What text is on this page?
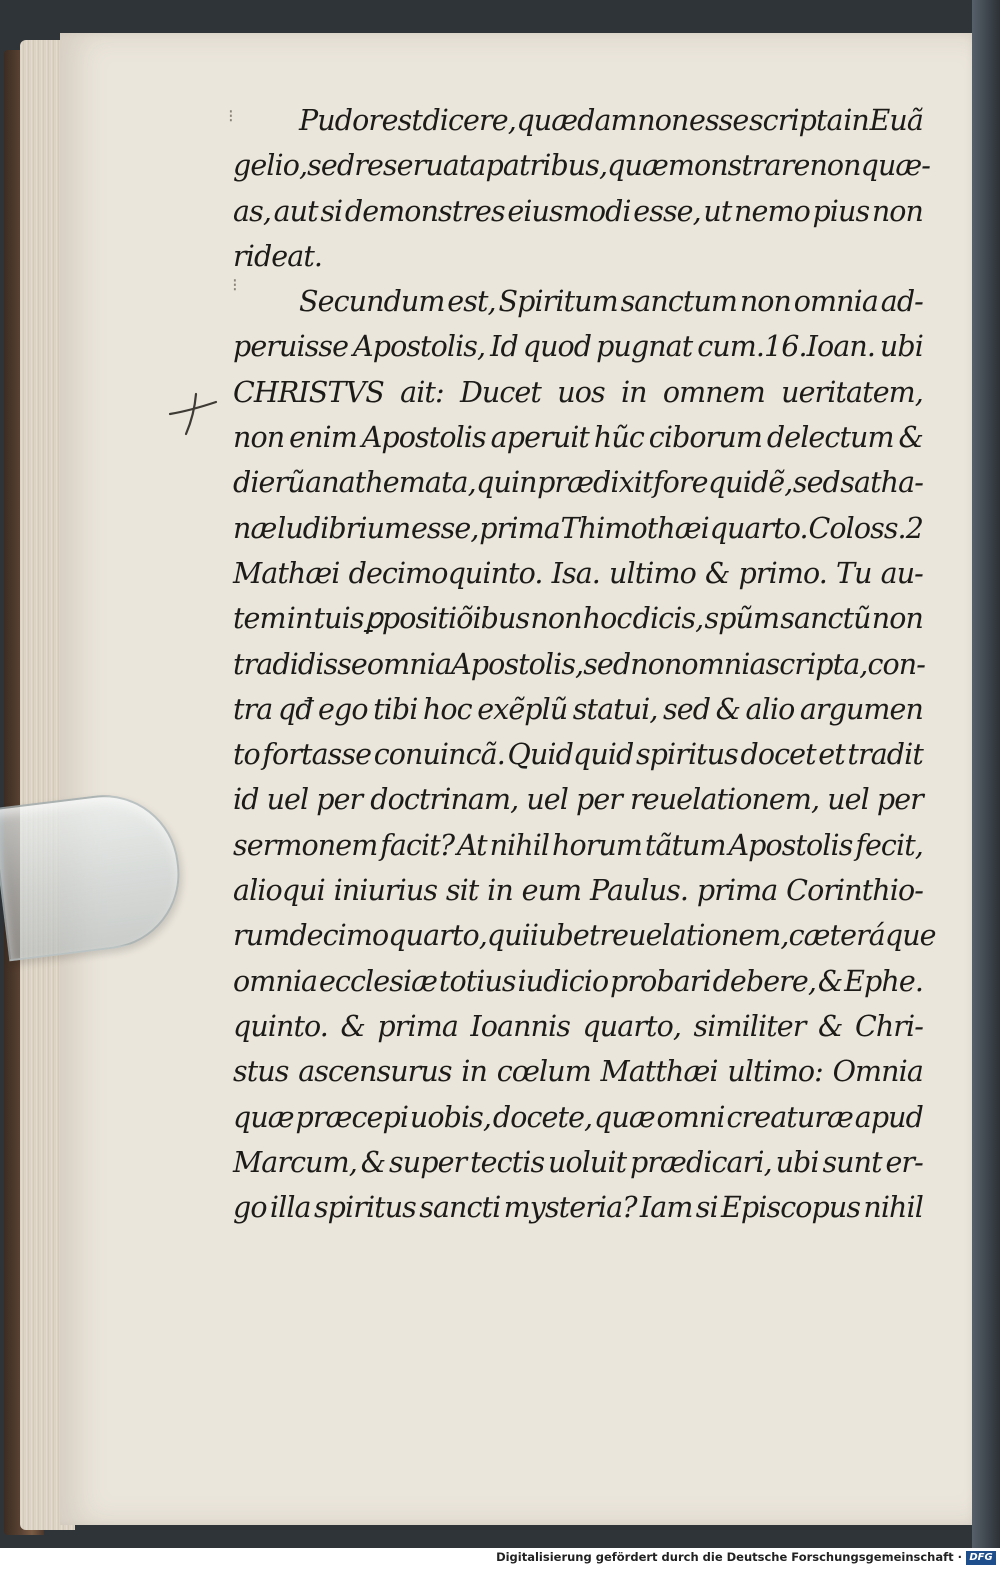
⁝
⁝
Pudor est dicere, quædam non esse scripta in Euã
gelio, sed reseruata patribus, quæ monstrare non quæ-
as, aut si demonstres eiusmodi esse, ut nemo pius non
rideat.
Secundum est, Spiritum sanctum non omnia ad-
peruisse Apostolis, Id quod pugnat cum.16.Ioan. ubi
CHRISTVS ait: Ducet uos in omnem ueritatem,
non enim Apostolis aperuit hũc ciborum delectum &
dierũ anathemata, quin prædixit fore quidẽ, sed satha-
næ ludibrium esse, prima Thimothæi quarto. Coloss.2
Mathæi decimoquinto. Isa. ultimo & primo. Tu au-
tem in tuis ꝑpositiõibus non hoc dicis, spũm sanctũ non
tradidisse omnia Apostolis, sed non omnia scripta, con-
tra qđ ego tibi hoc exẽplũ statui, sed & alio argumen
to fortasse conuincã. Quidquid spiritus docet et tradit
id uel per doctrinam, uel per reuelationem, uel per
sermonem facit? At nihil horum tãtum Apostolis fecit,
alioqui iniurius sit in eum Paulus. prima Corinthio-
rum decimoquarto, qui iubet reuelationem, cæteráque
omnia ecclesiæ totius iudicio probari debere, & Ephe.
quinto. & prima Ioannis quarto, similiter & Chri-
stus ascensurus in cœlum Matthæi ultimo: Omnia
quæ præcepi uobis, docete, quæ omni creaturæ apud
Marcum, & super tectis uoluit prædicari, ubi sunt er-
go illa spiritus sancti mysteria? Iam si Episcopus nihil
Digitalisierung gefördert durch die Deutsche Forschungsgemeinschaft · DFG
